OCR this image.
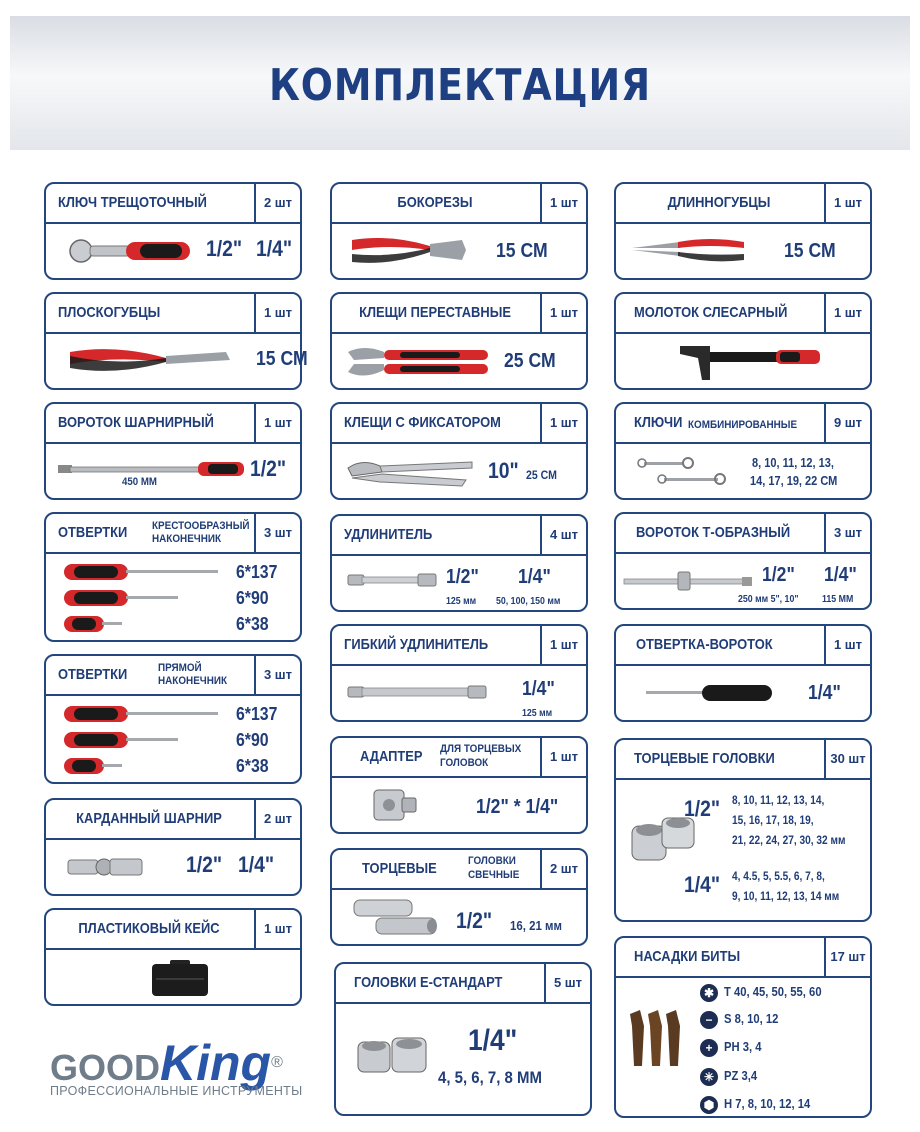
КОМПЛЕКТАЦИЯ
КЛЮЧ ТРЕЩОТОЧНЫЙ	2 шт
1/2" 1/4"
ПЛОСКОГУБЦЫ	1 шт
15 СМ
ВОРОТОК ШАРНИРНЫЙ	1 шт
450 ММ
1/2"
ОТВЕРТКИ КРЕСТООБРАЗНЫЙ
НАКОНЕЧНИК	3 шт
6*137
6*90
6*38
ОТВЕРТКИ	ПРЯМОЙ
НАКОНЕЧНИК	3 шт
6*137
6*90
6*38
КАРДАННЫЙ ШАРНИР	2 шт
1/2" 1/4"
ПЛАСТИКОВЫЙ КЕЙС	1 шт
БОКОРЕЗЫ	1 шт
15 СМ
КЛЕЩИ ПЕРЕСТАВНЫЕ	1 шт
25 СМ
КЛЕЩИ С ФИКСАТОРОМ	1 шт
10" 25 СМ
УДЛИНИТЕЛЬ	4 шт
1/2"
125 мм
1/4"
50, 100, 150 мм
ГИБКИЙ УДЛИНИТЕЛЬ	1 шт
1/4"
125 мм
АДАПТЕР ДЛЯ ТОРЦЕВЫХ
ГОЛОВОК	1 шт
1/2" * 1/4"
ТОРЦЕВЫЕ	ГОЛОВКИ
СВЕЧНЫЕ	2 шт
1/2" 16, 21 мм
ГОЛОВКИ Е-СТАНДАРТ	5 шт
1/4"
4, 5, 6, 7, 8 ММ
ДЛИННОГУБЦЫ	1 шт
15 СМ
МОЛОТОК СЛЕСАРНЫЙ	1 шт
КЛЮЧИ КОМБИНИРОВАННЫЕ	9 шт
8, 10, 11, 12, 13,
14, 17, 19, 22 СМ
ВОРОТОК Т-ОБРАЗНЫЙ	3 шт
1/2"
250 мм 5", 10"
1/4"
115 ММ
ОТВЕРТКА-ВОРОТОК	1 шт
1/4"
ТОРЦЕВЫЕ ГОЛОВКИ	30 шт
1/2" 8, 10, 11, 12, 13, 14,
15, 16, 17, 18, 19,
21, 22, 24, 27, 30, 32 мм
1/4" 4, 4.5, 5, 5.5, 6, 7, 8,
9, 10, 11, 12, 13, 14 мм
НАСАДКИ БИТЫ	17 шт
✱ T 40, 45, 50, 55, 60
− S 8, 10, 12
+ PH 3, 4
✳ PZ 3,4
⬢ H 7, 8, 10, 12, 14
GOODKing®
ПРОФЕССИОНАЛЬНЫЕ ИНСТРУМЕНТЫ
